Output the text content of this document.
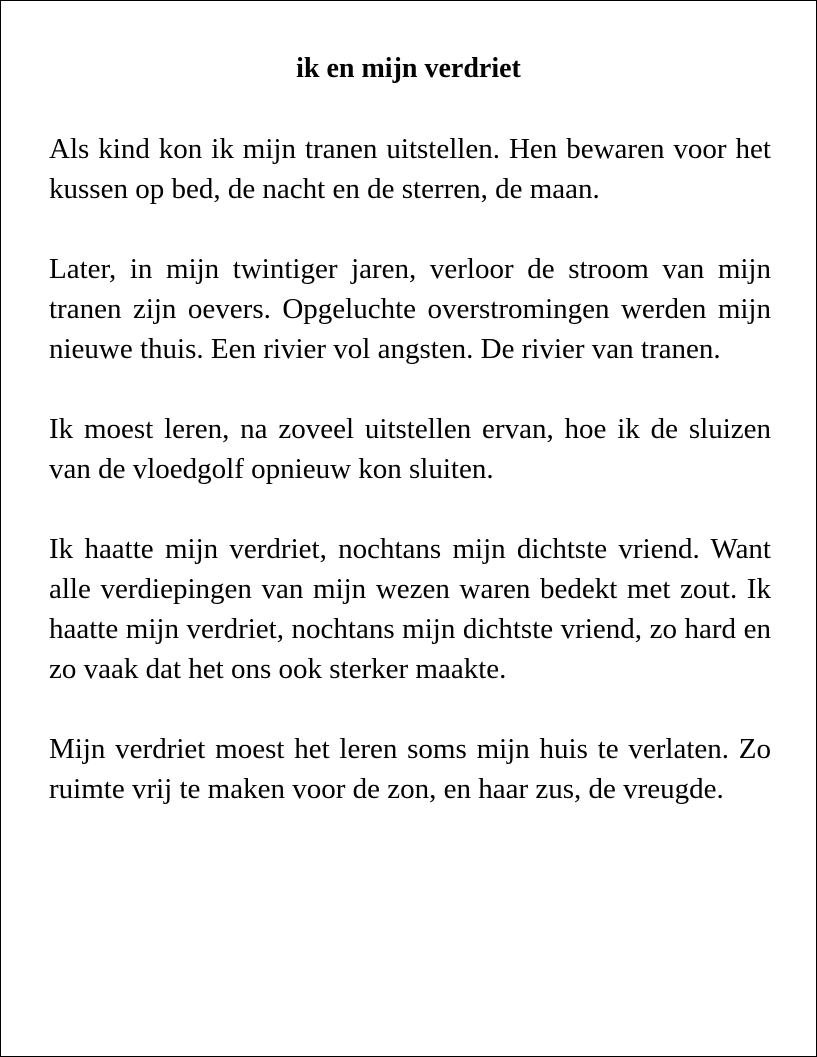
ik en mijn verdriet

Als kind kon ik mijn tranen uitstellen. Hen bewaren voor het kussen op bed, de nacht en de sterren, de maan.

Later, in mijn twintiger jaren, verloor de stroom van mijn tranen zijn oevers. Opgeluchte overstromingen werden mijn nieuwe thuis. Een rivier vol angsten. De rivier van tranen.

Ik moest leren, na zoveel uitstellen ervan, hoe ik de sluizen van de vloedgolf opnieuw kon sluiten.

Ik haatte mijn verdriet, nochtans mijn dichtste vriend. Want alle verdiepingen van mijn wezen waren bedekt met zout. Ik haatte mijn verdriet, nochtans mijn dichtste vriend, zo hard en zo vaak dat het ons ook sterker maakte.

Mijn verdriet moest het leren soms mijn huis te verlaten. Zo ruimte vrij te maken voor de zon, en haar zus, de vreugde.
